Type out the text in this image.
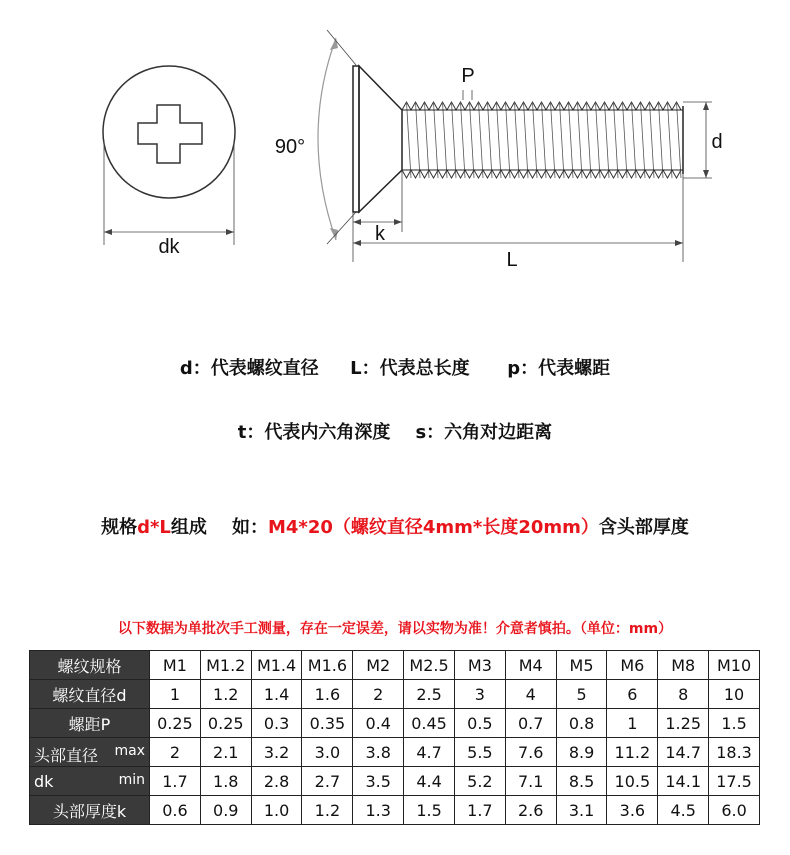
dk
90°
P
d
k
L
d：代表螺纹直径     L：代表总长度      p：代表螺距
t：代表内六角深度    s：六角对边距离
规格d*L组成    如：M4*20（螺纹直径4mm*长度20mm）含头部厚度
以下数据为单批次手工测量，存在一定误差，请以实物为准！介意者慎拍。（单位：mm）
螺纹规格	M1	M1.2	M1.4	M1.6	M2	M2.5	M3	M4	M5	M6	M8	M10
螺纹直径d	1	1.2	1.4	1.6	2	2.5	3	4	5	6	8	10
螺距P	0.25	0.25	0.3	0.35	0.4	0.45	0.5	0.7	0.8	1	1.25	1.5

头部直径 max	2	2.1	3.2	3.0	3.8	4.7	5.5	7.6	8.9	11.2	14.7	18.3

dk min	1.7	1.8	2.8	2.7	3.5	4.4	5.2	7.1	8.5	10.5	14.1	17.5
头部厚度k	0.6	0.9	1.0	1.2	1.3	1.5	1.7	2.6	3.1	3.6	4.5	6.0
